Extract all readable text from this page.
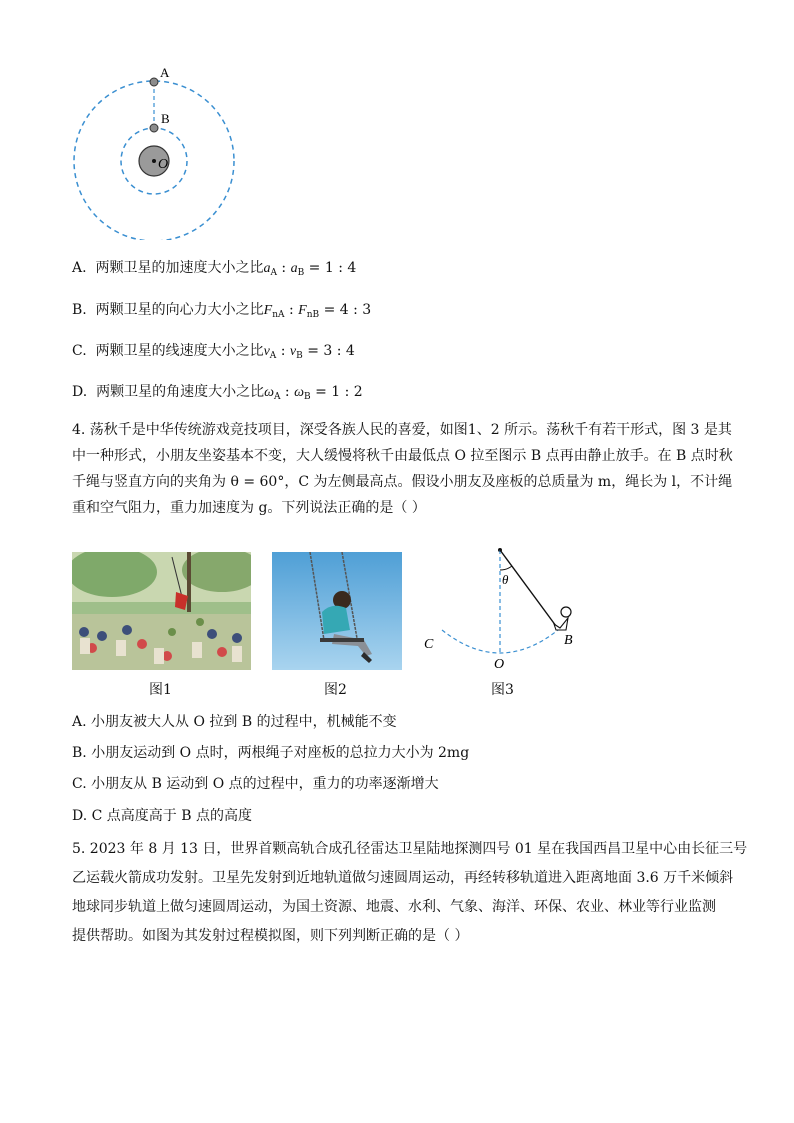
A
B
O
A. 两颗卫星的加速度大小之比$a_A$ : $a_B = 1$ : 4
B. 两颗卫星的向心力大小之比$F_{nA}$ : $F_{nB} = 4$ : 3
C. 两颗卫星的线速度大小之比$v_A$ : $v_B = 3$ : 4
D. 两颗卫星的角速度大小之比$\omega_A$ : $\omega_B = 1$ : 2
4. 荡秋千是中华传统游戏竞技项目，深受各族人民的喜爱，如图1、2 所示。荡秋千有若干形式，图 3 是其
中一种形式，小朋友坐姿基本不变，大人缓慢将秋千由最低点 O 拉至图示 B 点再由静止放手。在 B 点时秋
千绳与竖直方向的夹角为 θ = 60°，C 为左侧最高点。假设小朋友及座板的总质量为 m，绳长为 l，不计绳
重和空气阻力，重力加速度为 g。下列说法正确的是（ ）
θ
B
C
O
图1	图2	图3
A. 小朋友被大人从 O 拉到 B 的过程中，机械能不变
B. 小朋友运动到 O 点时，两根绳子对座板的总拉力大小为 2mg
C. 小朋友从 B 运动到 O 点的过程中，重力的功率逐渐增大
D. C 点高度高于 B 点的高度
5. 2023 年 8 月 13 日，世界首颗高轨合成孔径雷达卫星陆地探测四号 01 星在我国西昌卫星中心由长征三号
乙运载火箭成功发射。卫星先发射到近地轨道做匀速圆周运动，再经转移轨道进入距离地面 3.6 万千米倾斜
地球同步轨道上做匀速圆周运动，为国土资源、地震、水利、气象、海洋、环保、农业、林业等行业监测
提供帮助。如图为其发射过程模拟图，则下列判断正确的是（ ）
